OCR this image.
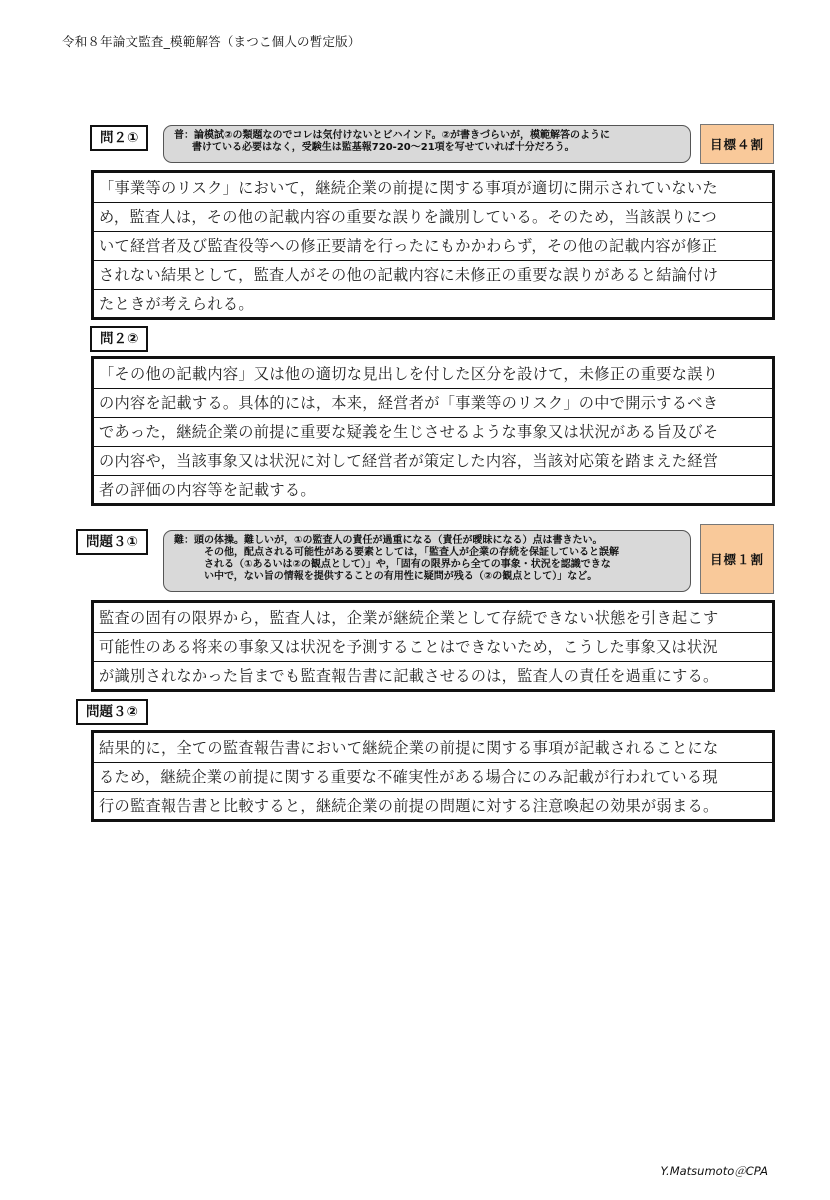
令和８年論文監査_模範解答（まつこ個人の暫定版）
問２①	普：論模試②の類題なのでコレは気付けないとビハインド。②が書きづらいが，模範解答のように
書けている必要はなく，受験生は監基報720-20～21項を写せていれば十分だろう。	目標４割
「事業等のリスク」において，継続企業の前提に関する事項が適切に開示されていないた
め，監査人は，その他の記載内容の重要な誤りを識別している。そのため，当該誤りにつ
いて経営者及び監査役等への修正要請を行ったにもかかわらず，その他の記載内容が修正
されない結果として，監査人がその他の記載内容に未修正の重要な誤りがあると結論付け
たときが考えられる。
問２②
「その他の記載内容」又は他の適切な見出しを付した区分を設けて，未修正の重要な誤り
の内容を記載する。具体的には，本来，経営者が「事業等のリスク」の中で開示するべき
であった，継続企業の前提に重要な疑義を生じさせるような事象又は状況がある旨及びそ
の内容や，当該事象又は状況に対して経営者が策定した内容，当該対応策を踏まえた経営
者の評価の内容等を記載する。
問題３①	難：頭の体操。難しいが，①の監査人の責任が過重になる（責任が曖昧になる）点は書きたい。
その他，配点される可能性がある要素としては，「監査人が企業の存続を保証していると誤解
される（①あるいは②の観点として）」や，「固有の限界から全ての事象・状況を認識できな
い中で，ない旨の情報を提供することの有用性に疑問が残る（②の観点として）」など。
目標１割
監査の固有の限界から，監査人は，企業が継続企業として存続できない状態を引き起こす
可能性のある将来の事象又は状況を予測することはできないため，こうした事象又は状況
が識別されなかった旨までも監査報告書に記載させるのは，監査人の責任を過重にする。
問題３②
結果的に，全ての監査報告書において継続企業の前提に関する事項が記載されることにな
るため，継続企業の前提に関する重要な不確実性がある場合にのみ記載が行われている現
行の監査報告書と比較すると，継続企業の前提の問題に対する注意喚起の効果が弱まる。
Y.Matsumoto＠CPA
